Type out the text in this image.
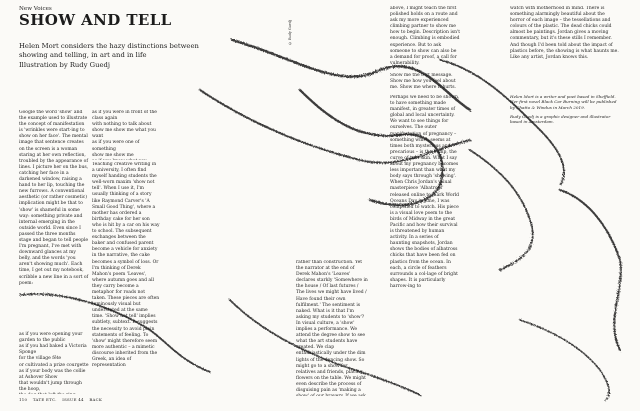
New Voices
SHOW AND TELL
Helen Mort considers the hazy distinctions between showing and telling, in art and in life
Illustration by Rudy Guedj
© Rudy Guedj
Google the word 'show' and the example used to illustrate the concept of manifestation is 'wrinkles were start-ing to show on her face'. The mental image that sentence creates on the screen is a woman staring at her own reflection, troubled by the appearance of lines. I picture her on the bus, catching her face in a darkened window, raising a hand to her lip, touching the new furrows. A conventional aesthetic (or rather cosmetic) implication might be that to 'show' is shameful in some way: something private and internal emerging in the outside world. Even since I passed the three months stage and began to tell people I'm pregnant, I've met with downward glances at my belly, and the words 'you aren't showing much'. Each time, I get out my notebook, scribble a new line in a sort of poem:

as if you were opening your
garden to the public
as if you had baked a Victoria Sponge
for the village fête
or cultivated a prize courgette
as if your body was the collie
at Ashover Show
that wouldn't jump through the hoop,

as if you were in front of the
class again
with nothing to talk about
show me show me what you want
as if you were one of something
show me show me

Teaching creative writing in a university, I often find myself handing students the well-worn maxim 'show not tell'. When I use it, I'm usually thinking of a story like Raymond Carver's 'A Small Good Thing', where a mother has ordered a birthday cake for her son who is hit by a car on his way to school. The subsequent exchanges between the baker and confused parent become a vehicle for anxiety in the narrative, the cake becomes a symbol of loss. Or I'm thinking of Derek Mahon's poem 'Leaves', where autumn goes and all they carry become a metaphor for roads not taken. These pieces are often luminously visual but understated at the same time. 'Show not tell' implies subtlety, subtext. It suggests the necessity to avoid plain statements of feeling. To 'show' might therefore seem more authentic – a mimetic discourse inherited from the Greek, an idea of representation
rather than construction. Yet the narrator at the end of Derek Mahon's 'Leaves' declares starkly 'Somewhere in the house / Of last futures / The lives we might have lived / Have found their own fulfilment.' The sentiment is naked. What is it that I'm asking my students to 'show'? In visual culture, a 'show' implies a performance. We attend the degree show to see what the art students have created. We clap enthusiastically under the dim lights of the dancing show. So might go to a show for relatives and friends, placing flowers on the table. We might even describe the process of disguising pain as 'making a
above, I might teach the first polished holds on a route and ask my more experienced climbing partner to show me how to begin. Description isn't enough. Climbing is embodied experience. But to ask someone to show can also be a demand for proof, a call for vulnerability.
Show me the text message. Show me how you feel about me. Show me where it hurts.
Perhaps we need to be shown, to have something made manifest, in greater times of global and local uncertainty. We want to see things for ourselves. The outer manifestation of pregnancy – something which seems at times both mysterious and precarious – is the bump, the curve of taut skin. What I say about my pregnancy becomes less important than what my body says through 'showing'.
When Chris Jordan's visual masterpiece 'Albatross' released online to mark World Oceans Day in June, I was compelled to watch. His piece is a visual love poem to the birds of Midway in the great Pacific and how their survival is threatened by human activity. In a series of haunting snapshots, Jordan shows the bodies of albatross chicks that have been fed on plastics from the ocean. In each, a circle of feathers surrounds a col-lage of bright shapes. It is particularly harrow-ing to
watch with motherhood in mind. There is something alarmingly beautiful about the horror of each image – the tessellations and colours of the plastic. The dead chicks could almost be paintings. Jordan gives a moving commentary, but it's these stills I remember. And though I'd been told about the impact of plastics before, the showing is what haunts me. Like any artist, Jordan knows this.
Helen Mort is a writer and poet based in Sheffield. Her first novel Black Car Burning will be published by Chatto & Windus in March 2019.
Rudy Guedj is a graphic designer and illustrator based in Amsterdam.
110 TATE ETC. ISSUE 44 BACK
